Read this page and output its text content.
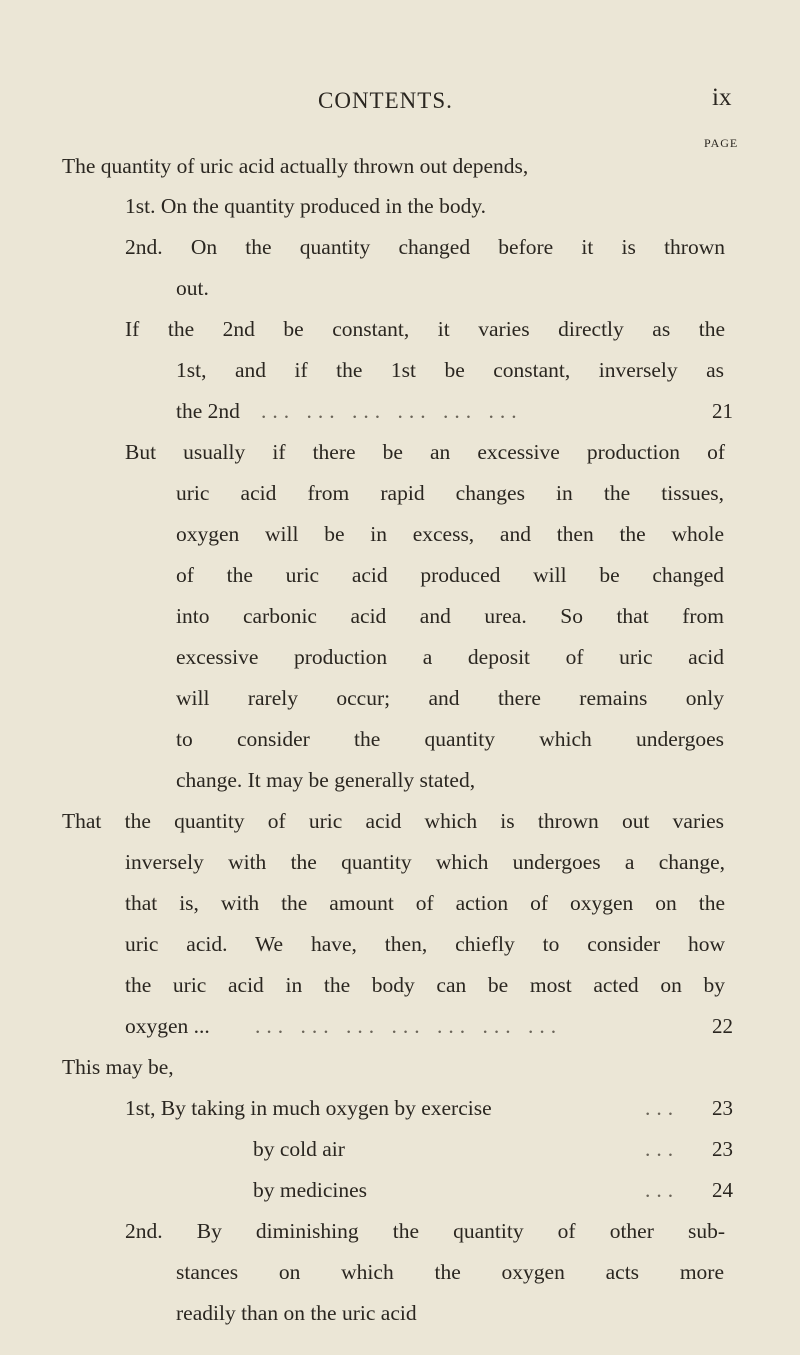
CONTENTS.	ix
PAGE
The quantity of uric acid actually thrown out depends,
1st. On the quantity produced in the body.
2nd. On the quantity changed before it is thrown
out.
If the 2nd be constant, it varies directly as the
1st, and if the 1st be constant, inversely as
the 2nd ... ... ... ... ... ...	21
But usually if there be an excessive production of
uric acid from rapid changes in the tissues,
oxygen will be in excess, and then the whole
of the uric acid produced will be changed
into carbonic acid and urea. So that from
excessive production a deposit of uric acid
will rarely occur; and there remains only
to consider the quantity which undergoes
change. It may be generally stated,
That the quantity of uric acid which is thrown out varies
inversely with the quantity which undergoes a change,
that is, with the amount of action of oxygen on the
uric acid. We have, then, chiefly to consider how
the uric acid in the body can be most acted on by
oxygen ... ... ... ... ... ... ... ...	22
This may be,
1st, By taking in much oxygen by exercise	... 23
by cold air	... 23
by medicines	... 24
2nd. By diminishing the quantity of other sub-
stances on which the oxygen acts more
readily than on the uric acid
